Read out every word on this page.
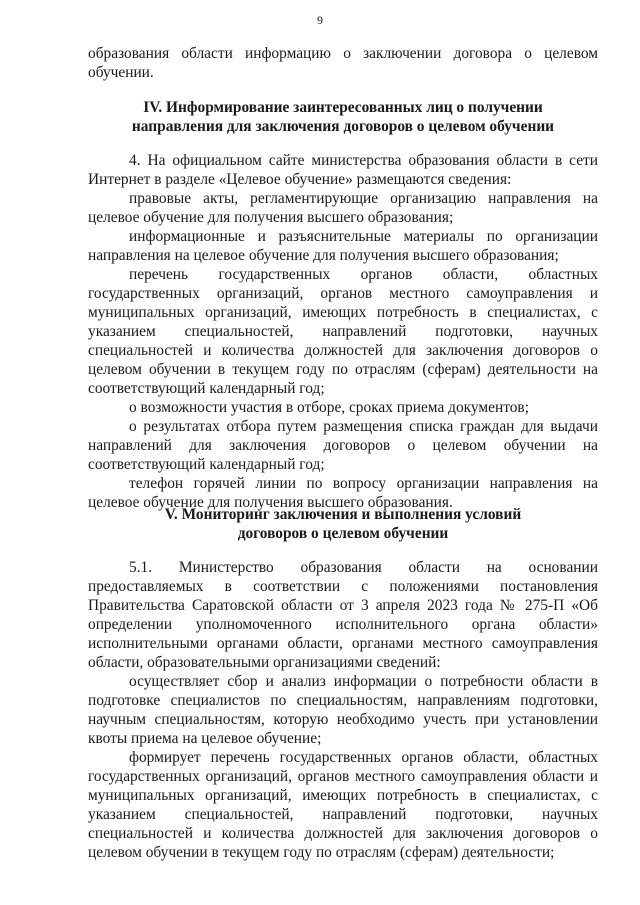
9

образования области информацию о заключении договора о целевом обучении.

IV. Информирование заинтересованных лиц о получении

направления для заключения договоров о целевом обучении

4. На официальном сайте министерства образования области в сети Интернет в разделе «Целевое обучение» размещаются сведения:

правовые акты, регламентирующие организацию направления на целевое обучение для получения высшего образования;

информационные и разъяснительные материалы по организации направления на целевое обучение для получения высшего образования;

перечень государственных органов области, областных государственных организаций, органов местного самоуправления и муниципальных организаций, имеющих потребность в специалистах, с указанием специальностей, направлений подготовки, научных специальностей и количества должностей для заключения договоров о целевом обучении в текущем году по отраслям (сферам) деятельности на соответствующий календарный год;

о возможности участия в отборе, сроках приема документов;

о результатах отбора путем размещения списка граждан для выдачи направлений для заключения договоров о целевом обучении на соответствующий календарный год;

телефон горячей линии по вопросу организации направления на целевое обучение для получения высшего образования.

V. Мониторинг заключения и выполнения условий

договоров о целевом обучении

5.1. Министерство образования области на основании предоставляемых в соответствии с положениями постановления Правительства Саратовской области от 3 апреля 2023 года № 275-П «Об определении уполномоченного исполнительного органа области» исполнительными органами области, органами местного самоуправления области, образовательными организациями сведений:

осуществляет сбор и анализ информации о потребности области в подготовке специалистов по специальностям, направлениям подготовки, научным специальностям, которую необходимо учесть при установлении квоты приема на целевое обучение;

формирует перечень государственных органов области, областных государственных организаций, органов местного самоуправления области и муниципальных организаций, имеющих потребность в специалистах, с указанием специальностей, направлений подготовки, научных специальностей и количества должностей для заключения договоров о целевом обучении в текущем году по отраслям (сферам) деятельности;
